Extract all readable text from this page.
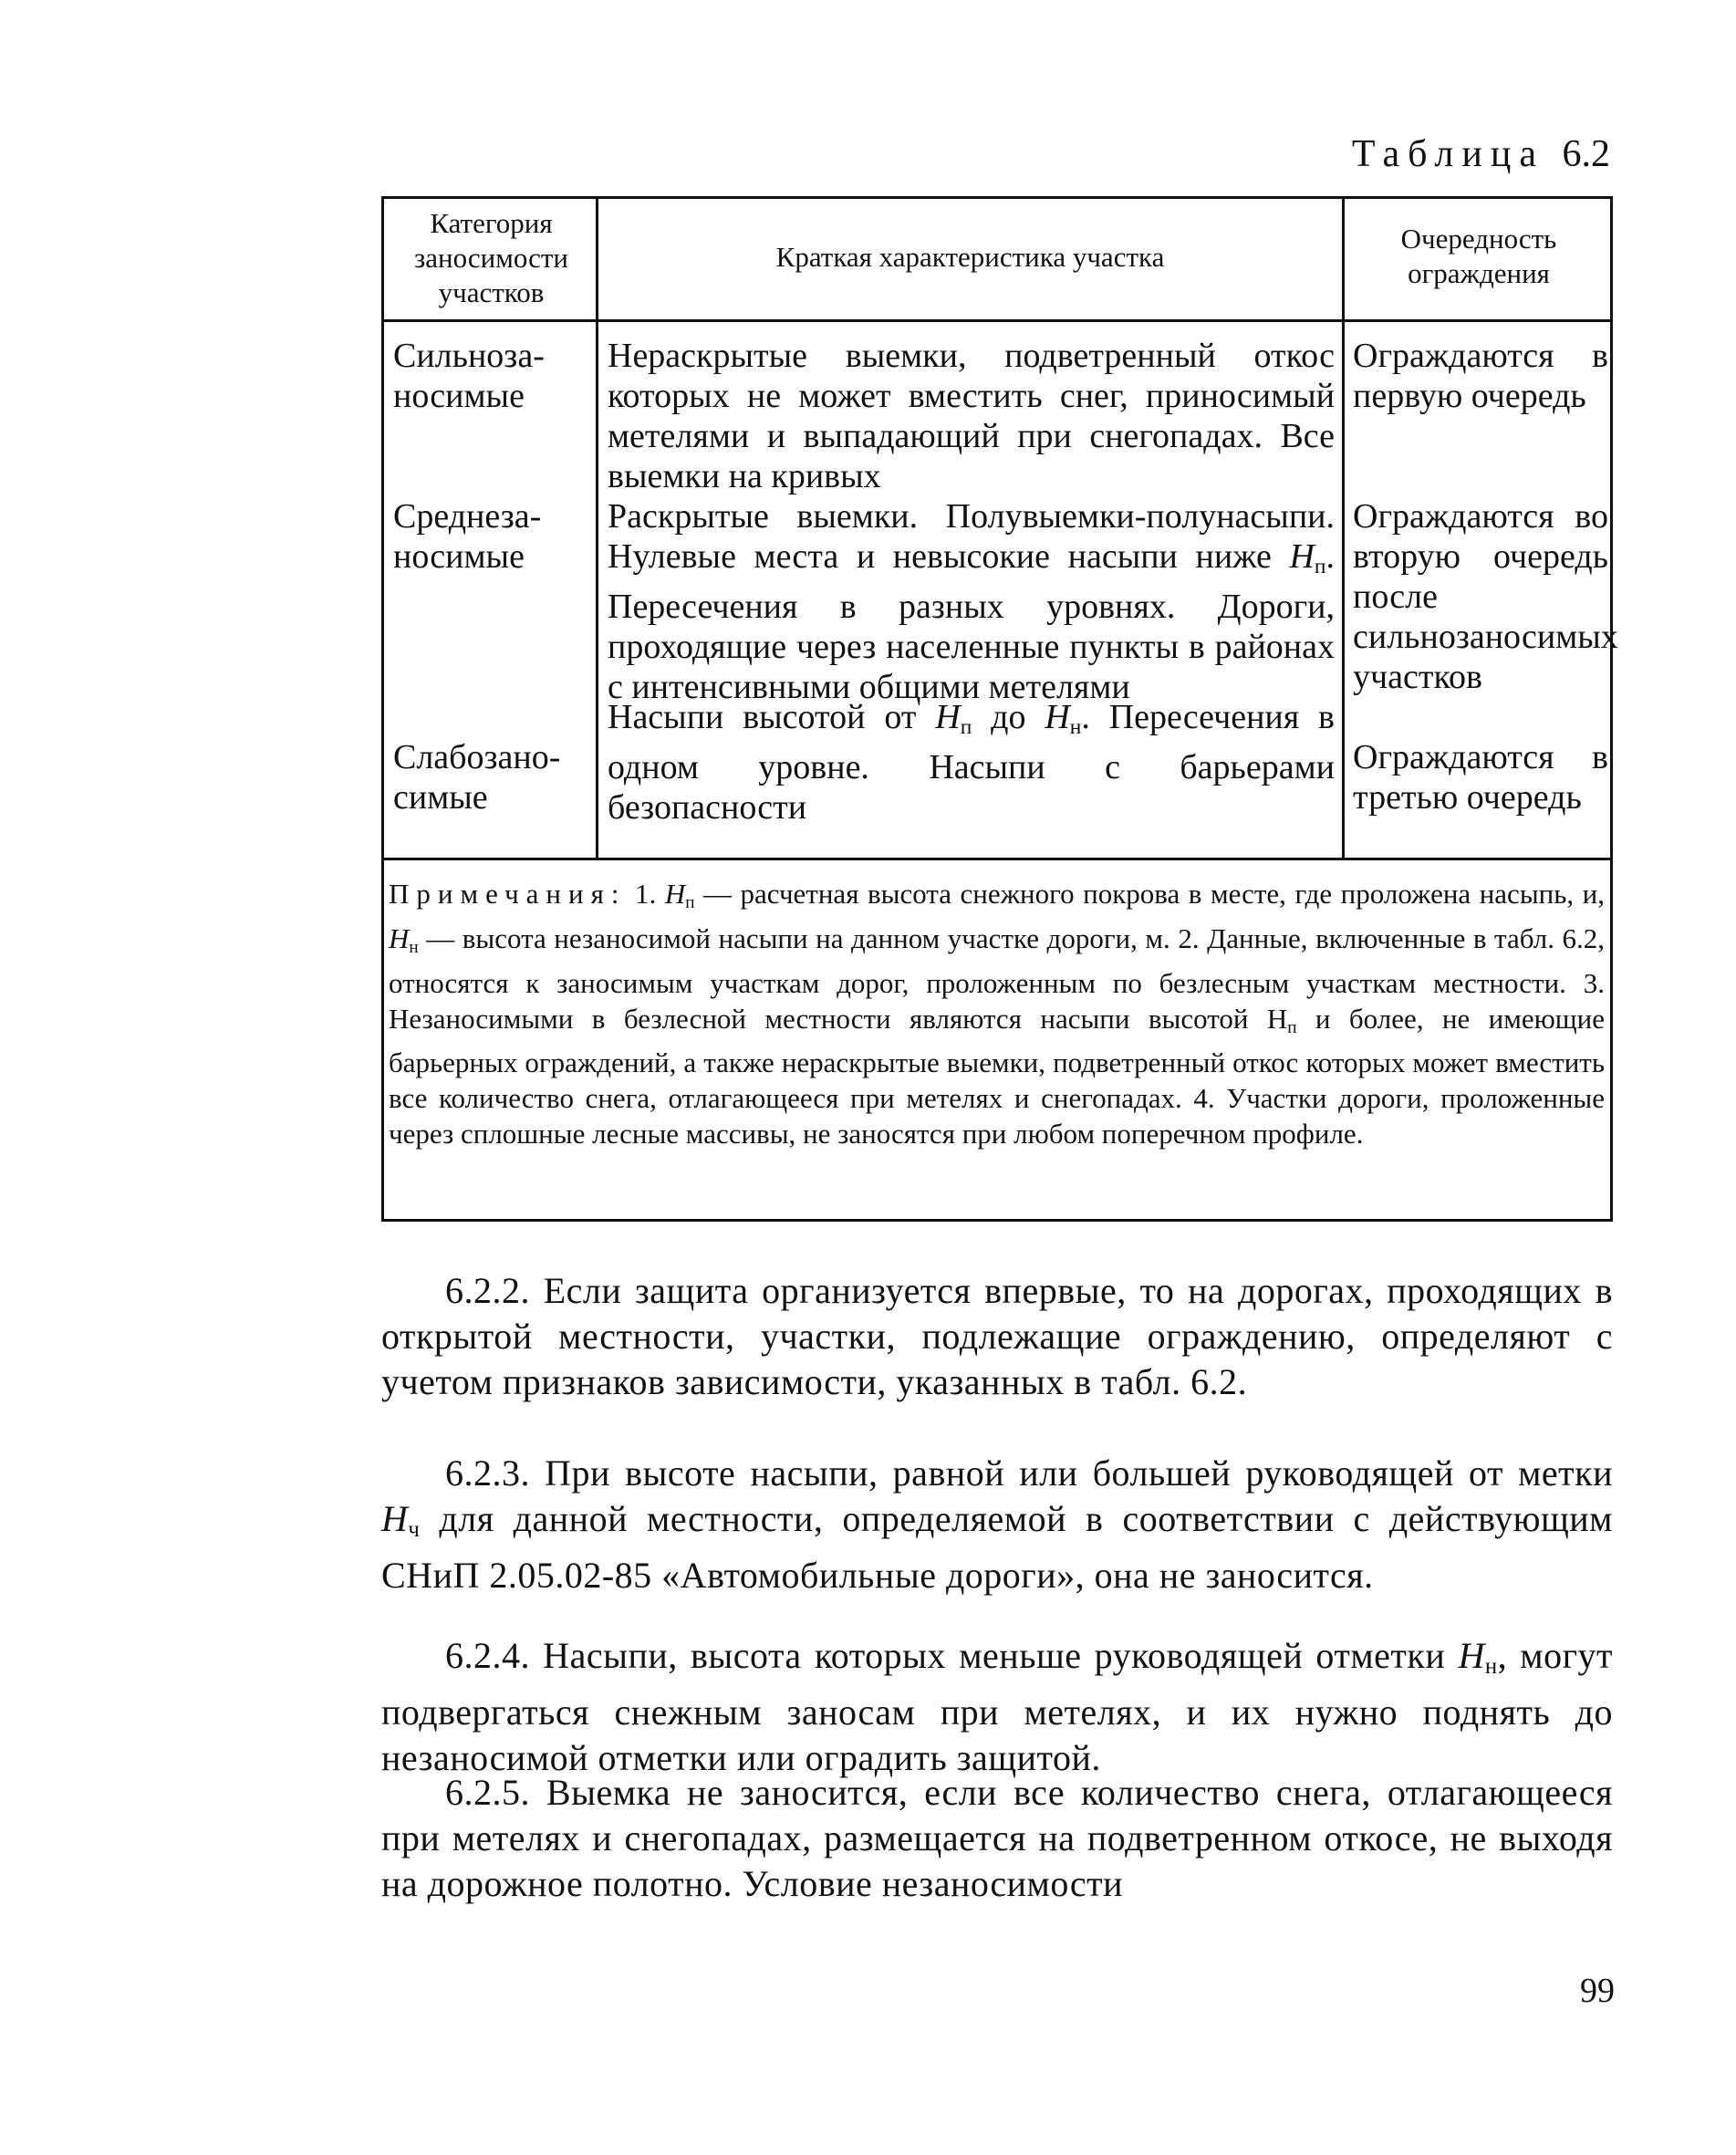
Таблица 6.2
Категория заносимости участков
Краткая характеристика участка
Очередность ограждения
Сильноза-носимые
Нераскрытые выемки, подветренный откос которых не может вместить снег, приносимый метелями и выпадающий при снегопадах. Все выемки на кривых
Ограждаются в первую очередь
Среднеза-носимые
Раскрытые выемки. Полувыемки-полунасыпи. Нулевые места и невысокие насыпи ниже $Н_п$. Пересечения в разных уровнях. Дороги, проходящие через населенные пункты в районах с интенсивными общими метелями
Ограждаются во вторую очередь после сильнозаносимых участков
Слабозано-симые
Насыпи высотой от $Н_п$ до $Н_н$. Пересечения в одном уровне. Насыпи с барьерами безопасности
Ограждаются в третью очередь
Примечания: 1. $Н_п$ — расчетная высота снежного покрова в месте, где проложена насыпь, и, $Н_н$ — высота незаносимой насыпи на данном участке дороги, м. 2. Данные, включенные в табл. 6.2, относятся к заносимым участкам дорог, проложенным по безлесным участкам местности. 3. Незаносимыми в безлесной местности являются насыпи высотой $Н_п$ и более, не имеющие барьерных ограждений, а также нераскрытые выемки, подветренный откос которых может вместить все количество снега, отлагающееся при метелях и снегопадах. 4. Участки дороги, проложенные через сплошные лесные массивы, не заносятся при любом поперечном профиле.
6.2.2. Если защита организуется впервые, то на дорогах, проходящих в открытой местности, участки, подлежащие ограждению, определяют с учетом признаков зависимости, указанных в табл. 6.2.
6.2.3. При высоте насыпи, равной или большей руководящей от метки $Н_ч$ для данной местности, определяемой в соответствии с действующим СНиП 2.05.02-85 «Автомобильные дороги», она не заносится.
6.2.4. Насыпи, высота которых меньше руководящей отметки $Н_н$, могут подвергаться снежным заносам при метелях, и их нужно поднять до незаносимой отметки или оградить защитой.
6.2.5. Выемка не заносится, если все количество снега, отлагающееся при метелях и снегопадах, размещается на подветренном откосе, не выходя на дорожное полотно. Условие незаносимости
99
